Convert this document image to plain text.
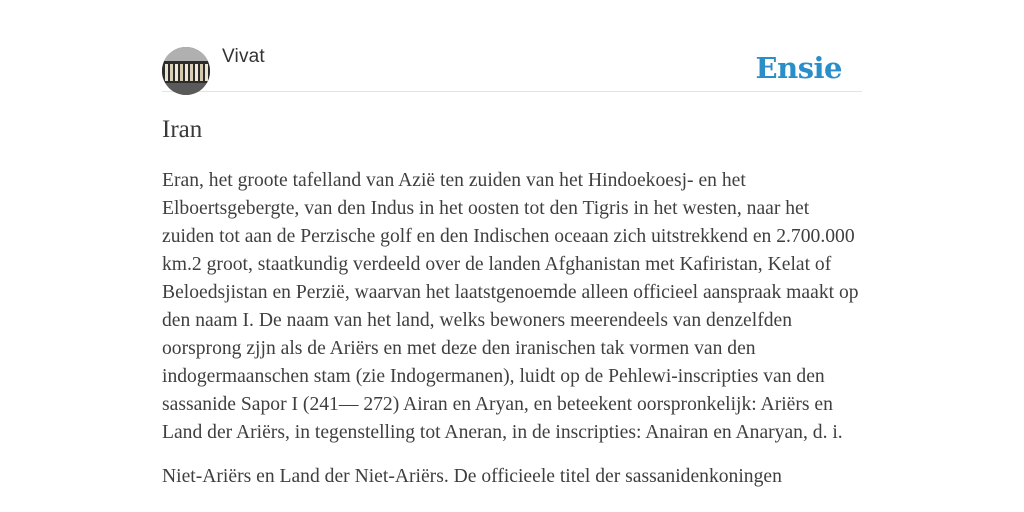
Vivat	Ensie
Iran

Eran, het groote tafelland van Azië ten zuiden van het Hindoekoesj- en het Elboertsgebergte, van den Indus in het oosten tot den Tigris in het westen, naar het zuiden tot aan de Perzische golf en den Indischen oceaan zich uitstrekkend en 2.700.000 km.2 groot, staatkundig verdeeld over de landen Afghanistan met Kafiristan, Kelat of Beloedsjistan en Perzië, waarvan het laatstgenoemde alleen officieel aanspraak maakt op den naam I. De naam van het land, welks bewoners meerendeels van denzelfden oorsprong zjjn als de Ariërs en met deze den iranischen tak vormen van den indogermaanschen stam (zie Indogermanen), luidt op de Pehlewi-inscripties van den sassanide Sapor I (241— 272) Airan en Aryan, en beteekent oorspronkelijk: Ariërs en Land der Ariërs, in tegenstelling tot Aneran, in de inscripties: Anairan en Anaryan, d. i.

Niet-Ariërs en Land der Niet-Ariërs. De officieele titel der sassanidenkoningen
